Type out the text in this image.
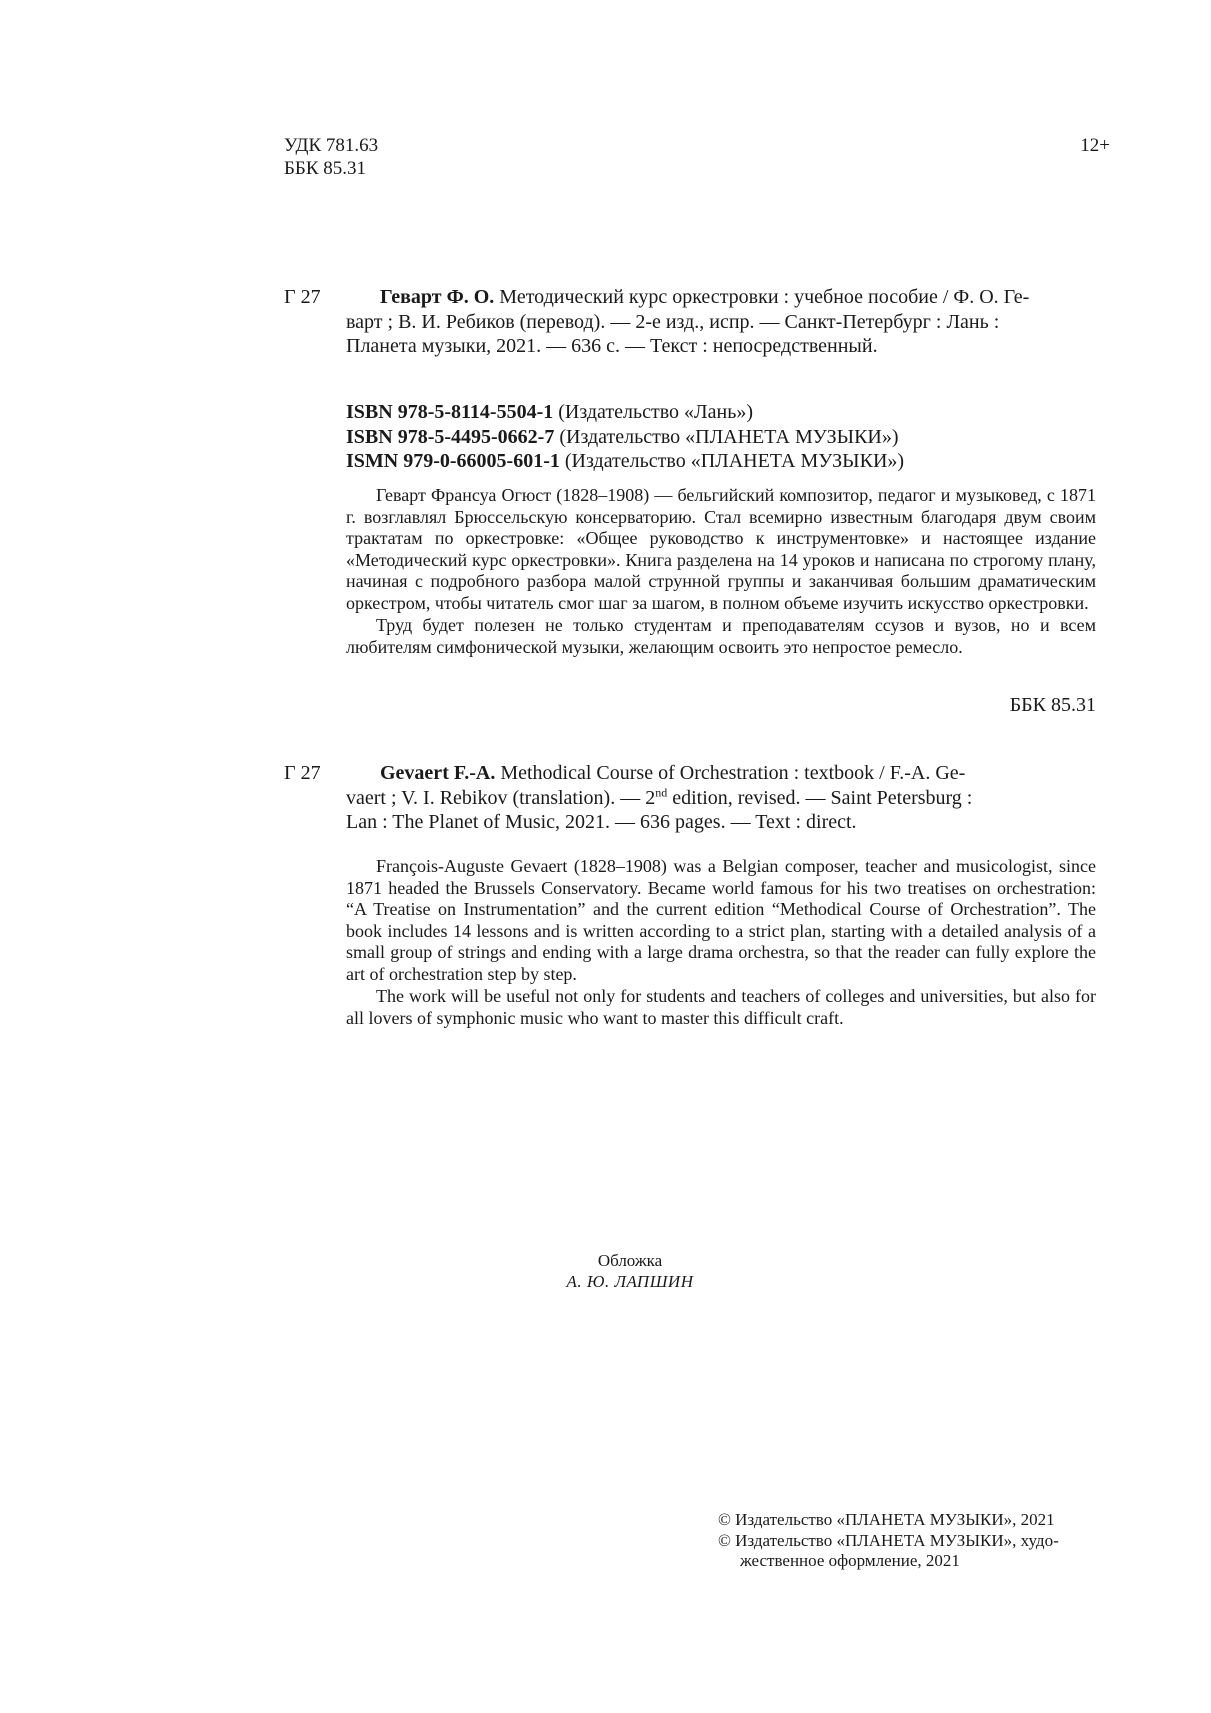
УДК 781.63
ББК 85.31
12+
Г 27	Геварт Ф. О. Методический курс оркестровки : учебное пособие / Ф. О. Ге-
варт ; В. И. Ребиков (перевод). — 2-е изд., испр. — Санкт-Петербург : Лань :
Планета музыки, 2021. — 636 с. — Текст : непосредственный.
ISBN 978-5-8114-5504-1 (Издательство «Лань»)
ISBN 978-5-4495-0662-7 (Издательство «ПЛАНЕТА МУЗЫКИ»)
ISMN 979-0-66005-601-1 (Издательство «ПЛАНЕТА МУЗЫКИ»)

Геварт Франсуа Огюст (1828–1908) — бельгийский композитор, педагог и музыковед, с 1871 г. возглавлял Брюссельскую консерваторию. Стал всемирно известным благодаря двум своим трактатам по оркестровке: «Общее руководство к инструментовке» и настоящее издание «Методический курс оркестровки». Книга разделена на 14 уроков и написана по строгому плану, начиная с подробного разбора малой струнной группы и заканчивая большим драматическим оркестром, чтобы читатель смог шаг за шагом, в полном объеме изучить искусство оркестровки.

Труд будет полезен не только студентам и преподавателям ссузов и вузов, но и всем любителям симфонической музыки, желающим освоить это непростое ремесло.

ББК 85.31
Г 27	Gevaert F.-A. Methodical Course of Orchestration : textbook / F.-A. Ge-
vaert ; V. I. Rebikov (translation). — 2nd edition, revised. — Saint Petersburg :
Lan : The Planet of Music, 2021. — 636 pages. — Text : direct.

François-Auguste Gevaert (1828–1908) was a Belgian composer, teacher and musicologist, since 1871 headed the Brussels Conservatory. Became world famous for his two treatises on orchestration: “A Treatise on Instrumentation” and the current edition “Methodical Course of Orchestration”. The book includes 14 lessons and is written according to a strict plan, starting with a detailed analysis of a small group of strings and ending with a large drama orchestra, so that the reader can fully explore the art of orchestration step by step.

The work will be useful not only for students and teachers of colleges and universities, but also for all lovers of symphonic music who want to master this difficult craft.

Обложка
А. Ю. ЛАПШИН
© Издательство «ПЛАНЕТА МУЗЫКИ», 2021
© Издательство «ПЛАНЕТА МУЗЫКИ», художественное оформление, 2021
